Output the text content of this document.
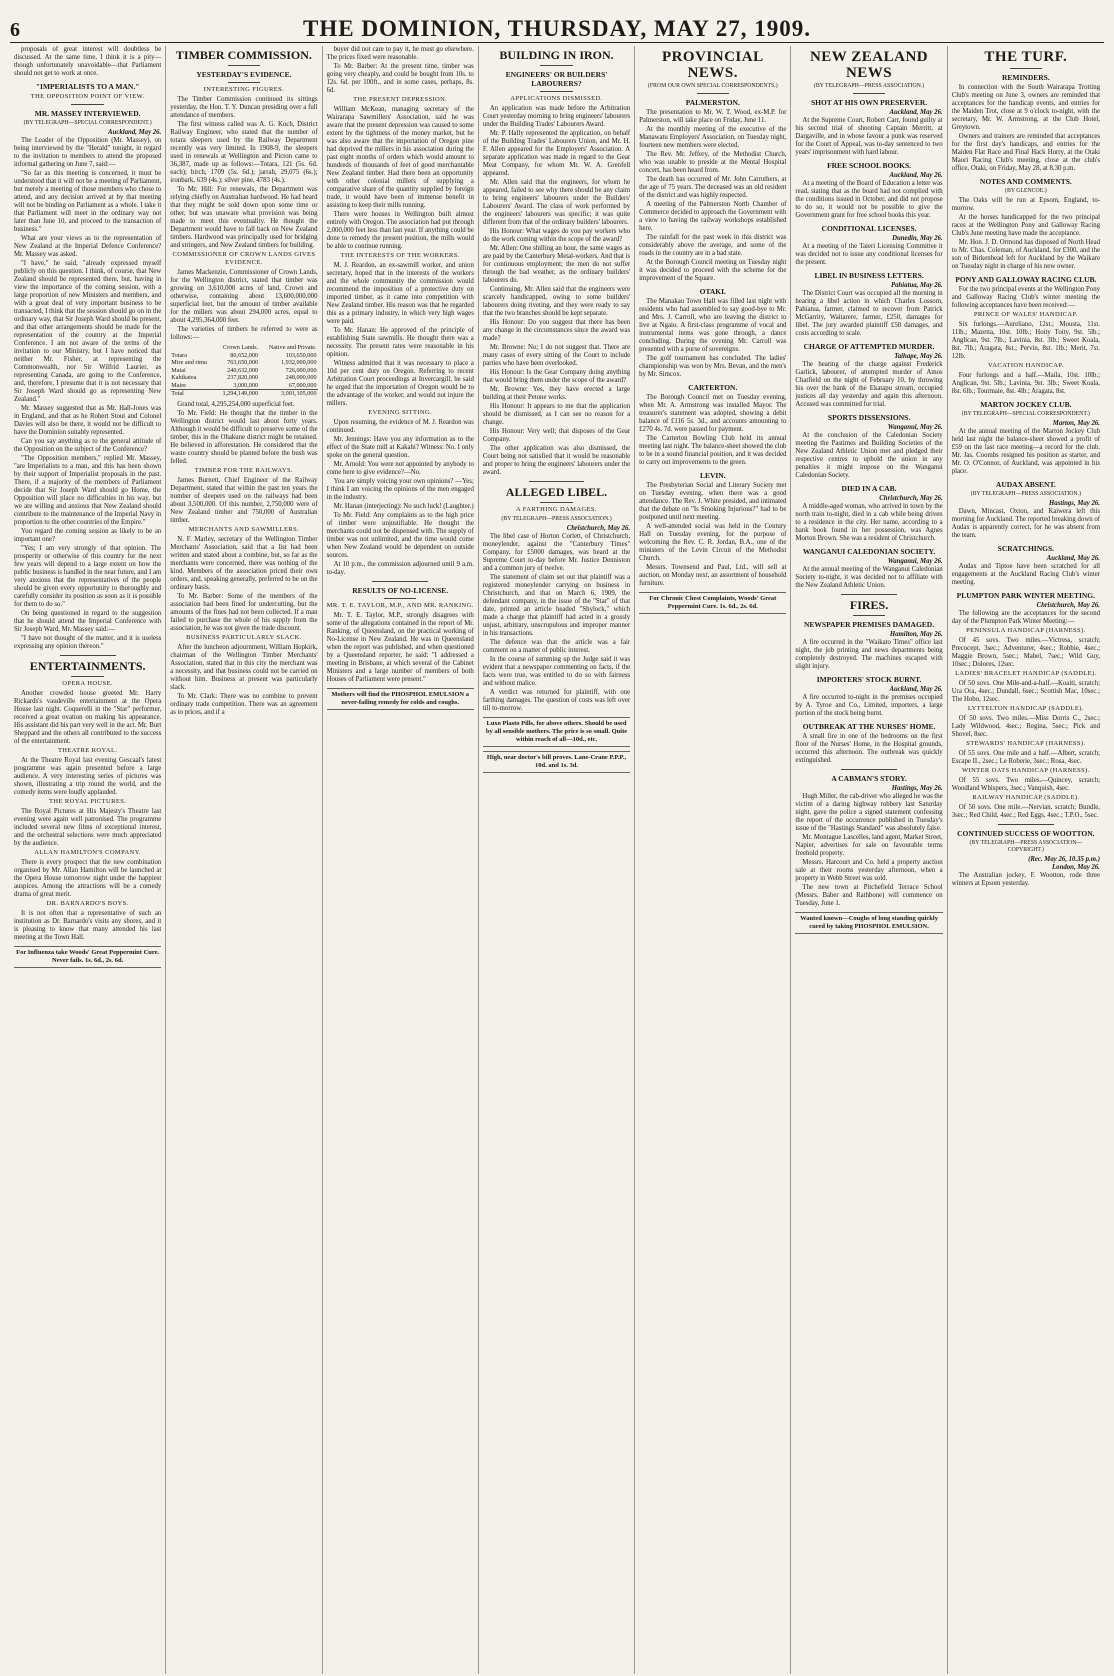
6	THE DOMINION, THURSDAY, MAY 27, 1909.

proposals of great interest will doubtless be discussed. At the same time, I think it is a pity—though unfortunately unavoidable—that Parliament should not get to work at once.

"IMPERIALISTS TO A MAN."
THE OPPOSITION POINT OF VIEW.
MR. MASSEY INTERVIEWED.
(BY TELEGRAPH—SPECIAL CORRESPONDENT.)
Auckland, May 26.

The Leader of the Opposition (Mr. Massey), on being interviewed by the "Herald" tonight, in regard to the invitation to members to attend the proposed informal gathering on June 7, said:—

"So far as this meeting is concerned, it must be understood that it will not be a meeting of Parliament, but merely a meeting of those members who chose to attend, and any decision arrived at by that meeting will not be binding on Parliament as a whole. I take it that Parliament will meet in the ordinary way not later than June 10, and proceed to the transaction of business."

What are your views as to the representation of New Zealand at the Imperial Defence Conference? Mr. Massey was asked.

"I have," he said, "already expressed myself publicly on this question. I think, of course, that New Zealand should be represented there, but, having in view the importance of the coming session, with a large proportion of new Ministers and members, and with a great deal of very important business to be transacted, I think that the session should go on in the ordinary way, that Sir Joseph Ward should be present, and that other arrangements should be made for the representation of the country at the Imperial Conference. I am not aware of the terms of the invitation to our Ministry, but I have noticed that neither Mr. Fisher, at representing the Commonwealth, nor Sir Wilfrid Laurier, as representing Canada, are going to the Conference, and, therefore, I presume that it is not necessary that Sir Joseph Ward should go as representing New Zealand."

Mr. Massey suggested that as Mr. Hall-Jones was in England, and that as he Robert Stout and Colonel Davies will also be there, it would not be difficult to have the Dominion suitably represented.

Can you say anything as to the general attitude of the Opposition on the subject of the Conference?

"The Opposition members," replied Mr. Massey, "are Imperialists to a man, and this has been shown by their support of Imperialist proposals in the past. There, if a majority of the members of Parliament decide that Sir Joseph Ward should go Home, the Opposition will place no difficulties in his way, but we are willing and anxious that New Zealand should contribute to the maintenance of the Imperial Navy in proportion to the other countries of the Empire."

You regard the coming session as likely to be an important one?

"Yes; I am very strongly of that opinion. The prosperity or otherwise of this country for the next few years will depend to a large extent on how the public business is handled in the near future, and I am very anxious that the representatives of the people should be given every opportunity to thoroughly and carefully consider its position as soon as it is possible for them to do so."

On being questioned in regard to the suggestion that he should attend the Imperial Conference with Sir Joseph Ward, Mr. Massey said:—

"I have not thought of the matter, and it is useless expressing any opinion thereon."

ENTERTAINMENTS.
OPERA HOUSE.

Another crowded house greeted Mr. Harry Rickards's vaudeville entertainment at the Opera House last night. Coquerelli in the "Star" performer, received a great ovation on making his appearance. His assistant did his part very well in the act. Mr. Burt Sheppard and the others all contributed to the success of the entertainment.

THEATRE ROYAL.

At the Theatre Royal last evening Gescaal's latest programme was again presented before a large audience. A very interesting series of pictures was shown, illustrating a trip round the world, and the comedy items were loudly applauded.

THE ROYAL PICTURES.

The Royal Pictures at His Majesty's Theatre last evening were again well patronised. The programme included several new films of exceptional interest, and the orchestral selections were much appreciated by the audience.

ALLAN HAMILTON'S COMPANY.

There is every prospect that the new combination organised by Mr. Allan Hamilton will be launched at the Opera House tomorrow night under the happiest auspices. Among the attractions will be a comedy drama of great merit.

DR. BARNARDO'S BOYS.

It is not often that a representative of such an institution as Dr. Barnardo's visits any shores, and it is pleasing to know that many attended his last meeting at the Town Hall.

For Influenza take Woods' Great Peppermint Cure. Never fails. 1s. 6d., 2s. 6d.
TIMBER COMMISSION.
YESTERDAY'S EVIDENCE.
INTERESTING FIGURES.

The Timber Commission continued its sittings yesterday, the Hon. T. Y. Duncan presiding over a full attendance of members.

The first witness called was A. G. Koch, District Railway Engineer, who stated that the number of totara sleepers used by the Railway Department recently was very limited. In 1908-9, the sleepers used in renewals at Wellington and Picton came to 36,387, made up as follows:—Totara, 121 (5s. 6d. each); birch, 1709 (5s. 6d.); jarrah, 29,075 (6s.); ironbark, 639 (4s.); silver pine, 4783 (4s.).

To Mr. Hill: For renewals, the Department was relying chiefly on Australian hardwood. He had heard that they might be sold down upon some time or other, but was unaware what provision was being made to meet this eventuality. He thought the Department would have to fall back on New Zealand timbers. Hardwood was principally used for bridging and stringers, and New Zealand timbers for building.

COMMISSIONER OF CROWN LANDS GIVES EVIDENCE.

James Mackenzie, Commissioner of Crown Lands, for the Wellington district, stated that timber was growing on 3,610,000 acres of land, Crown and otherwise, containing about 13,600,000,000 superficial feet, but the amount of timber available for the millers was about 294,000 acres, equal to about 4,295,364,000 feet.

The varieties of timbers he referred to were as follows:—

	Crown Lands.	Native and Private.
Totara	80,652,000	103,650,000
Mire and rimu	763,650,000	1,932,000,000
Matai	240,632,000	726,000,000
Kahikatea	237,820,000	248,000,000
Maire	3,000,000	67,000,000
Total	1,294,149,000	3,001,105,000

Grand total, 4,295,254,000 superficial feet.

To Mr. Field: He thought that the timber in the Wellington district would last about forty years. Although it would be difficult to preserve some of the timber, this in the Ohakune district might be retained. He believed in afforestation. He considered that the waste country should be planted before the bush was felled.

TIMBER FOR THE RAILWAYS.

James Burnett, Chief Engineer of the Railway Department, stated that within the past ten years the number of sleepers used on the railways had been about 3,500,000. Of this number, 2,750,000 were of New Zealand timber and 750,000 of Australian timber.

MERCHANTS AND SAWMILLERS.

N. F. Marley, secretary of the Wellington Timber Merchants' Association, said that a list had been written and stated about a combine, but, so far as the merchants were concerned, there was nothing of the kind. Members of the association priced their own orders, and, speaking generally, preferred to be on the ordinary basis.

To Mr. Barber: Some of the members of the association had been fined for undercutting, but the amounts of the fines had not been collected. If a man failed to purchase the whole of his supply from the association, he was not given the trade discount.

BUSINESS PARTICULARLY SLACK.

After the luncheon adjournment, William Hopkirk, chairman of the Wellington Timber Merchants' Association, stated that in this city the merchant was a necessity, and that business could not be carried on without him. Business at present was particularly slack.

To Mr. Clark: There was no combine to prevent ordinary trade competition. There was an agreement as to prices, and if a

buyer did not care to pay it, he must go elsewhere. The prices fixed were reasonable.

To Mr. Barber: At the present time, timber was going very cheaply, and could be bought from 10s. to 12s. 6d. per 100ft., and in some cases, perhaps, 8s. 6d.

THE PRESENT DEPRESSION.

William McKean, managing secretary of the Wairarapa Sawmillers' Association, said he was aware that the present depression was caused to some extent by the tightness of the money market, but he was also aware that the importation of Oregon pine had deprived the millers in his association during the past eight months of orders which would amount to hundreds of thousands of feet of good merchantable New Zealand timber. Had there been an opportunity with other colonial millers of supplying a comparative share of the quantity supplied by foreign trade, it would have been of immense benefit in assisting to keep their mills running.

There were houses in Wellington built almost entirely with Oregon. The association had put through 2,000,000 feet less than last year. If anything could be done to remedy the present position, the mills would be able to continue running.

THE INTERESTS OF THE WORKERS.

M. J. Reardon, an ex-sawmill worker, and union secretary, hoped that in the interests of the workers and the whole community the commission would recommend the imposition of a protective duty on imported timber, as it came into competition with New Zealand timber. His reason was that he regarded this as a primary industry, in which very high wages were paid.

To Mr. Hanan: He approved of the principle of establishing State sawmills. He thought there was a necessity. The present rates were reasonable in his opinion.

Witness admitted that it was necessary to place a 10d per cent duty on Oregon. Referring to recent Arbitration Court proceedings at Invercargill, he said he urged that the importation of Oregon would be to the advantage of the worker, and would not injure the millers.

EVENING SITTING.

Upon resuming, the evidence of M. J. Reardon was continued.

Mr. Jennings: Have you any information as to the effect of the State mill at Kakahi? Witness: No. I only spoke on the general question.

Mr. Arnold: You were not appointed by anybody to come here to give evidence?—No.

You are simply voicing your own opinions? —Yes; I think I am voicing the opinions of the men engaged in the industry.

Mr. Hanan (interjecting): No such luck! (Laughter.)

To Mr. Field: Any complaints as to the high price of timber were unjustifiable. He thought the merchants could not be dispensed with. The supply of timber was not unlimited, and the time would come when New Zealand would be dependent on outside sources.

At 10 p.m., the commission adjourned until 9 a.m. to-day.

RESULTS OF NO-LICENSE.
MR. T. E. TAYLOR, M.P., AND MR. RANKING.

Mr. T. E. Taylor, M.P., strongly disagrees with some of the allegations contained in the report of Mr. Ranking, of Queensland, on the practical working of No-License in New Zealand. He was in Queensland when the report was published, and when questioned by a Queensland reporter, he said: "I addressed a meeting in Brisbane, at which several of the Cabinet Ministers and a large number of members of both Houses of Parliament were present."

Mothers will find the PHOSPHOL EMULSION a never-failing remedy for colds and coughs.
BUILDING IN IRON.
ENGINEERS' OR BUILDERS' LABOURERS?
APPLICATIONS DISMISSED.

An application was made before the Arbitration Court yesterday morning to bring engineers' labourers under the Building Trades' Labourers Award.

Mr. P. Hally represented the application, on behalf of the Building Trades' Labourers Union, and Mr. H. F. Allen appeared for the Employers' Association. A separate application was made in regard to the Gear Meat Company, for whom Mr. W. A. Grenfell appeared.

Mr. Allen said that the engineers, for whom he appeared, failed to see why there should be any claim to bring engineers' labourers under the Builders' Labourers' Award. The class of work performed by the engineers' labourers was specific; it was quite different from that of the ordinary builders' labourers.

His Honour: What wages do you pay workers who do the work coming within the scope of the award?

Mr. Allen: One shilling an hour, the same wages as are paid by the Canterbury Metal-workers. And that is for continuous employment; the men do not suffer through the bad weather, as the ordinary builders' labourers do.

Continuing, Mr. Allen said that the engineers were scarcely handicapped, owing to some builders' labourers doing riveting, and they were ready to say that the two branches should be kept separate.

His Honour: Do you suggest that there has been any change in the circumstances since the award was made?

Mr. Browne: No; I do not suggest that. There are many cases of every sitting of the Court to include parties who have been overlooked.

His Honour: Is the Gear Company doing anything that would bring them under the scope of the award?

Mr. Browne: Yes, they have erected a large building at their Petone works.

His Honour: It appears to me that the application should be dismissed, as I can see no reason for a change.

His Honour: Very well; that disposes of the Gear Company.

The other application was also dismissed, the Court being not satisfied that it would be reasonable and proper to bring the engineers' labourers under the award.

ALLEGED LIBEL.
A FARTHING DAMAGES.
(BY TELEGRAPH—PRESS ASSOCIATION.)
Christchurch, May 26.

The libel case of Horton Corlett, of Christchurch, moneylender, against the "Canterbury Times" Company, for £5000 damages, was heard at the Supreme Court to-day before Mr. Justice Denniston and a common jury of twelve.

The statement of claim set out that plaintiff was a registered moneylender carrying on business in Christchurch, and that on March 6, 1909, the defendant company, in the issue of the "Star" of that date, printed an article headed "Shylock," which made a charge that plaintiff had acted in a grossly unjust, arbitrary, unscrupulous and improper manner in his transactions.

The defence was that the article was a fair comment on a matter of public interest.

In the course of summing up the Judge said it was evident that a newspaper commenting on facts, if the facts were true, was entitled to do so with fairness and without malice.

A verdict was returned for plaintiff, with one farthing damages. The question of costs was left over till to-morrow.

Luxo Plasto Pills, for above others. Should be used by all sensible mothers. The price is so small. Quite within reach of all—10d., etc.
High, near doctor's bill proves. Lane-Crane P.P.P., 10d. and 1s. 3d.
PROVINCIAL NEWS.
(FROM OUR OWN SPECIAL CORRESPONDENTS.)
PALMERSTON.

The presentation to Mr. W. T. Wood, ex-M.P. for Palmerston, will take place on Friday, June 11.

At the monthly meeting of the executive of the Manawatu Employers' Association, on Tuesday night, fourteen new members were elected.

The Rev. Mr. Jeffery, of the Methodist Church, who was unable to preside at the Mental Hospital concert, has been heard from.

The death has occurred of Mr. John Carruthers, at the age of 75 years. The deceased was an old resident of the district and was highly respected.

A meeting of the Palmerston North Chamber of Commerce decided to approach the Government with a view to having the railway workshops established here.

The rainfall for the past week in this district was considerably above the average, and some of the roads in the country are in a bad state.

At the Borough Council meeting on Tuesday night it was decided to proceed with the scheme for the improvement of the Square.

OTAKI.

The Manakau Town Hall was filled last night with residents who had assembled to say good-bye to Mr. and Mrs. J. Carroll, who are leaving the district to live at Ngaio. A first-class programme of vocal and instrumental items was gone through, a dance concluding. During the evening Mr. Carroll was presented with a purse of sovereigns.

The golf tournament has concluded. The ladies' championship was won by Mrs. Bevan, and the men's by Mr. Simcox.

CARTERTON.

The Borough Council met on Tuesday evening, when Mr. A. Armstrong was installed Mayor. The treasurer's statement was adopted, showing a debit balance of £116 5s. 3d., and accounts amounting to £270 4s. 7d. were passed for payment.

The Carterton Bowling Club held its annual meeting last night. The balance-sheet showed the club to be in a sound financial position, and it was decided to carry out improvements to the green.

LEVIN.

The Presbyterian Social and Literary Society met on Tuesday evening, when there was a good attendance. The Rev. J. White presided, and intimated that the debate on "Is Smoking Injurious?" had to be postponed until next meeting.

A well-attended social was held in the Century Hall on Tuesday evening, for the purpose of welcoming the Rev. C. R. Jordan, B.A., one of the ministers of the Levin Circuit of the Methodist Church.

Messrs. Townsend and Paul, Ltd., will sell at auction, on Monday next, an assortment of household furniture.

For Chronic Chest Complaints, Woods' Great Peppermint Cure. 1s. 6d., 2s. 6d.
NEW ZEALAND NEWS
(BY TELEGRAPH—PRESS ASSOCIATION.)
SHOT AT HIS OWN PRESERVER.
Auckland, May 26.

At the Supreme Court, Robert Carr, found guilty at his second trial of shooting Captain Merritt, at Dargaville, and in whose favour a punk was reserved for the Court of Appeal, was to-day sentenced to two years' imprisonment with hard labour.

FREE SCHOOL BOOKS.
Auckland, May 26.

At a meeting of the Board of Education a letter was read, stating that as the board had not complied with the conditions issued in October, and did not propose to do so, it would not be possible to give the Government grant for free school books this year.

CONDITIONAL LICENSES.
Dunedin, May 26.

At a meeting of the Taieri Licensing Committee it was decided not to issue any conditional licenses for the present.

LIBEL IN BUSINESS LETTERS.
Pahiatua, May 26.

The District Court was occupied all the morning in hearing a libel action in which Charles Lossom, Pahiatua, farmer, claimed to recover from Patrick McGarrity, Waitarere, farmer, £250, damages for libel. The jury awarded plaintiff £50 damages, and costs according to scale.

CHARGE OF ATTEMPTED MURDER.
Taihape, May 26.

The hearing of the charge against Frederick Garlick, labourer, of attempted murder of Amos Chatfield on the night of February 10, by throwing his over the bank of the Ekatapu stream, occupied justices all day yesterday and again this afternoon. Accused was committed for trial.

SPORTS DISSENSIONS.
Wanganui, May 26.

At the conclusion of the Caledonian Society meeting the Pastimes and Building Societies of the New Zealand Athletic Union met and pledged their respective centres to uphold the union in any penalties it might impose on the Wanganui Caledonian Society.

DIED IN A CAB.
Christchurch, May 26.

A middle-aged woman, who arrived in town by the north train to-night, died in a cab while being driven to a residence in the city. Her name, according to a bank book found in her possession, was Agnes Morton Brown. She was a resident of Christchurch.

WANGANUI CALEDONIAN SOCIETY.
Wanganui, May 26.

At the annual meeting of the Wanganui Caledonian Society to-night, it was decided not to affiliate with the New Zealand Athletic Union.

FIRES.
NEWSPAPER PREMISES DAMAGED.
Hamilton, May 26.

A fire occurred in the "Waikato Times" office last night, the job printing and news departments being completely destroyed. The machines escaped with slight injury.

IMPORTERS' STOCK BURNT.
Auckland, May 26.

A fire occurred to-night in the premises occupied by A. Tyroe and Co., Limited, importers, a large portion of the stock being burnt.

OUTBREAK AT THE NURSES' HOME.

A small fire in one of the bedrooms on the first floor of the Nurses' Home, in the Hospital grounds, occurred this afternoon. The outbreak was quickly extinguished.

A CABMAN'S STORY.
Hastings, May 26.

Hugh Miller, the cab-driver who alleged he was the victim of a daring highway robbery last Saturday night, gave the police a signed statement confessing the report of the occurrence published in Tuesday's issue of the "Hastings Standard" was absolutely false.

Mr. Montague Lascelles, land agent, Market Street, Napier, advertises for sale on favourable terms freehold property.

Messrs. Harcourt and Co. held a property auction sale at their rooms yesterday afternoon, when a property in Webb Street was sold.

The new town at Pitchefield Terrace School (Messrs. Baber and Rathbone) will commence on Tuesday, June 1.

Wanted known—Coughs of long standing quickly cured by taking PHOSPHOL EMULSION.
THE TURF.
REMINDERS.

In connection with the South Wairarapa Trotting Club's meeting on June 3, owners are reminded that acceptances for the handicap events, and entries for the Maiden Trot, close at 9 o'clock to-night, with the secretary, Mr. W. Armstrong, at the Club Hotel, Greytown.

Owners and trainers are reminded that acceptances for the first day's handicaps, and entries for the Maiden Flat Race and Final Hack Hurry, at the Otaki Maori Racing Club's meeting, close at the club's office, Otaki, on Friday, May 28, at 8.30 p.m.

NOTES AND COMMENTS.
(BY GLENCOE.)

The Oaks will be run at Epsom, England, to-morrow.

At the horses handicapped for the two principal races at the Wellington Pony and Galloway Racing Club's June meeting have made the acceptance.

Mr. Hon. J. D. Ormond has disposed of North Head to Mr. Chas. Coleman, of Auckland, for £300, and the son of Birkenhead left for Auckland by the Waikare on Tuesday night in charge of his new owner.

PONY AND GALLOWAY RACING CLUB.

For the two principal events at the Wellington Pony and Galloway Racing Club's winter meeting the following acceptances have been received:—

PRINCE OF WALES' HANDICAP.

Six furlongs.—Aureliano, 12st.; Mousta, 11st. 11lb.; Mazetta, 10st. 10lb.; Hoity Toity, 9st. 5lb.; Anglican, 9st. 7lb.; Lavinia, 8st. 3lb.; Sweet Koala, 8st. 7lb.; Aragata, 8st.; Pervin, 8st. 1lb.; Merit, 7st. 12lb.

VACATION HANDICAP.

Four furlongs and a half.—Maila, 10st. 10lb.; Anglican, 9st. 5lb.; Lavinia, 9st. 3lb.; Sweet Koala, 8st. 6lb.; Tourmaie, 8st. 4lb.; Aragata, 8st.

MARTON JOCKEY CLUB.
(BY TELEGRAPH—SPECIAL CORRESPONDENT.)
Marton, May 26.

At the annual meeting of the Marton Jockey Club held last night the balance-sheet showed a profit of £59 on the last race meeting—a record for the club. Mr. Jas. Coombs resigned his position as starter, and Mr. O. O'Connor, of Auckland, was appointed in his place.

AUDAX ABSENT.
(BY TELEGRAPH—PRESS ASSOCIATION.)
Hastings, May 26.

Dawn, Mincast, Oxton, and Kaiwera left this morning for Auckland. The reported breaking down of Audax is apparently correct, for he was absent from the team.

SCRATCHINGS.
Auckland, May 26.

Audax and Tiptoe have been scratched for all engagements at the Auckland Racing Club's winter meeting.

PLUMPTON PARK WINTER MEETING.
Christchurch, May 26.

The following are the acceptances for the second day of the Plumpton Park Winter Meeting:—

PENINSULA HANDICAP (HARNESS).

Of 45 sovs. Two miles.—Victress, scratch; Precocept, 3sec.; Adventurer, 4sec.; Robbie, 4sec.; Maggie Brown, 5sec.; Mabel, 7sec.; Wild Guy, 10sec.; Dolores, 12sec.

LADIES' BRACELET HANDICAP (SADDLE).

Of 50 sovs. One Mile-and-a-half.—Koaiti, scratch; Ura Ora, 4sec.; Dundall, 6sec.; Scottish Mac, 10sec.; The Hobo, 12sec.

LYTTELTON HANDICAP (SADDLE).

Of 50 sovs. Two miles.—Miss Dorris C., 2sec.; Lady Wildwood, 4sec.; Regina, 5sec.; Pick and Shovel, 8sec.

STEWARDS' HANDICAP (HARNESS).

Of 55 sovs. One mile and a half.—Albert, scratch; Escape II., 2sec.; Le Roberie, 3sec.; Rosa, 4sec.

WINTER OATS HANDICAP (HARNESS).

Of 55 sovs. Two miles.—Quincey, scratch; Woodland Whispers, 3sec.; Vanquish, 4sec.

RAILWAY HANDICAP (SADDLE).

Of 50 sovs. One mile.—Nervian, scratch; Bundle, 3sec.; Red Child, 4sec.; Red Eggs, 4sec.; T.P.O., 5sec.

CONTINUED SUCCESS OF WOOTTON.
(BY TELEGRAPH—PRESS ASSOCIATION—COPYRIGHT.)
(Rec. May 26, 10.35 p.m.)
London, May 26.

The Australian jockey, F. Wootton, rode three winners at Epsom yesterday.
